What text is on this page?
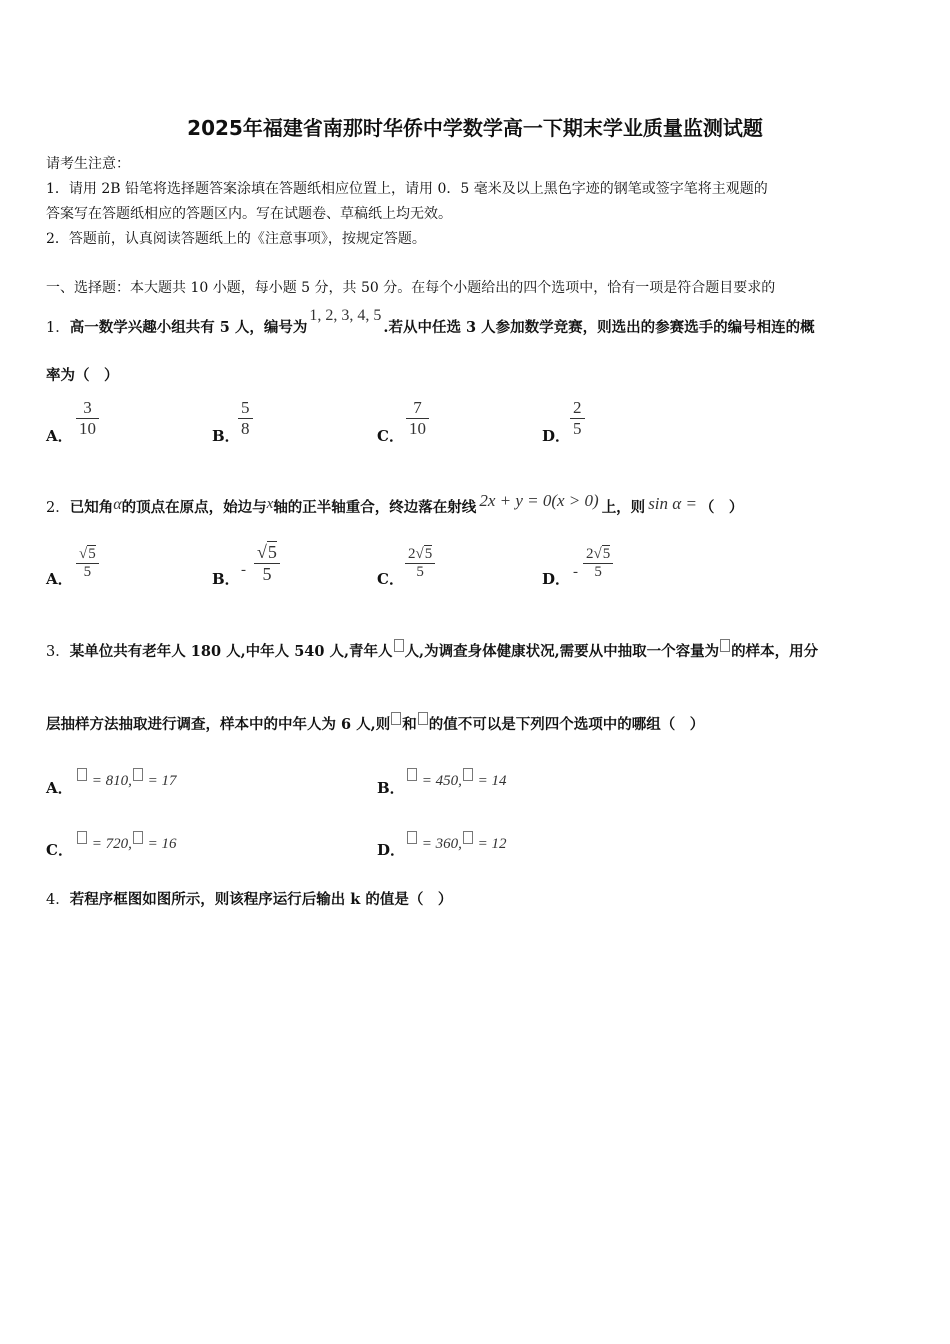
2025年福建省南那时华侨中学数学高一下期末学业质量监测试题
请考生注意：
1．请用 2B 铅笔将选择题答案涂填在答题纸相应位置上，请用 0．5 毫米及以上黑色字迹的钢笔或签字笔将主观题的
答案写在答题纸相应的答题区内。写在试题卷、草稿纸上均无效。
2．答题前，认真阅读答题纸上的《注意事项》，按规定答题。
一、选择题：本大题共 10 小题，每小题 5 分，共 50 分。在每个小题给出的四个选项中，恰有一项是符合题目要求的
1．高一数学兴趣小组共有 5 人，编号为1, 2, 3, 4, 5.若从中任选 3 人参加数学竞赛，则选出的参赛选手的编号相连的概
率为（　）
A． $\frac{3}{10}$	B．
$\frac{5}{8}$	C． $\frac{7}{10}$	D． $\frac{2}{5}$
2．已知角α的顶点在原点，始边与x轴的正半轴重合，终边落在射线 2x + y = 0(x > 0) 上，则 sin α = （　）
A． $\frac{√5}{5}$	B． - $\frac{√5}{5}$	C． $\frac{2√5}{5}$	D． - $\frac{2√5}{5}$
3．某单位共有老年人 180 人,中年人 540 人,青年人 人,为调查身体健康状况,需要从中抽取一个容量为 的样本，用分
层抽样方法抽取进行调查，样本中的中年人为 6 人,则 和 的值不可以是下列四个选项中的哪组（　）
A．	= 810, = 17	B．	= 450, = 14
C．	= 720, = 16	D．	= 360, = 12
4．若程序框图如图所示，则该程序运行后输出 k 的值是（　）
